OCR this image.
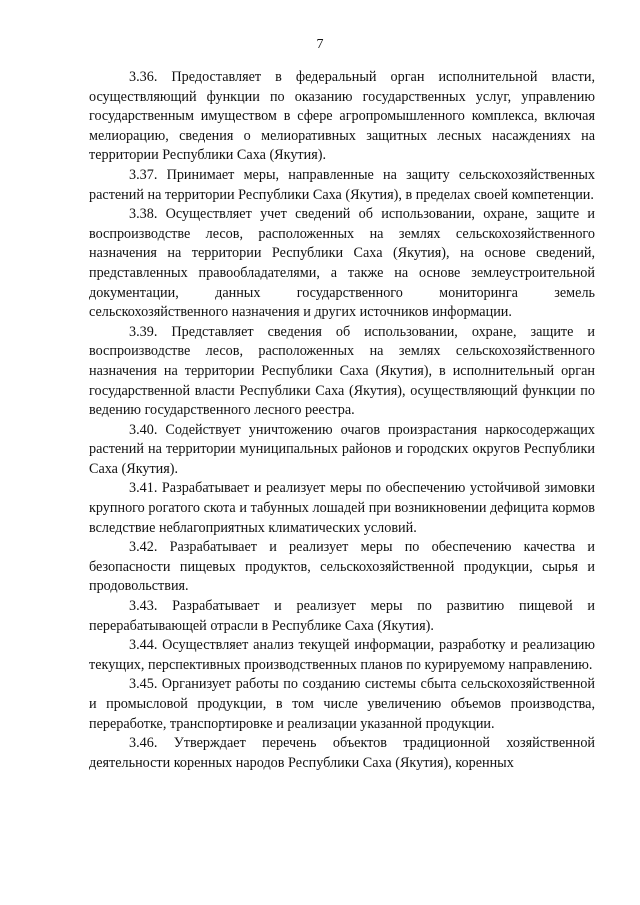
7

3.36. Предоставляет в федеральный орган исполнительной власти, осуществляющий функции по оказанию государственных услуг, управлению государственным имуществом в сфере агропромышленного комплекса, включая мелиорацию, сведения о мелиоративных защитных лесных насаждениях на территории Республики Саха (Якутия).

3.37. Принимает меры, направленные на защиту сельскохозяйственных растений на территории Республики Саха (Якутия), в пределах своей компетенции.

3.38. Осуществляет учет сведений об использовании, охране, защите и воспроизводстве лесов, расположенных на землях сельскохозяйственного назначения на территории Республики Саха (Якутия), на основе сведений, представленных правообладателями, а также на основе землеустроительной документации, данных государственного мониторинга земель сельскохозяйственного назначения и других источников информации.

3.39. Представляет сведения об использовании, охране, защите и воспроизводстве лесов, расположенных на землях сельскохозяйственного назначения на территории Республики Саха (Якутия), в исполнительный орган государственной власти Республики Саха (Якутия), осуществляющий функции по ведению государственного лесного реестра.

3.40. Содействует уничтожению очагов произрастания наркосодержащих растений на территории муниципальных районов и городских округов Республики Саха (Якутия).

3.41. Разрабатывает и реализует меры по обеспечению устойчивой зимовки крупного рогатого скота и табунных лошадей при возникновении дефицита кормов вследствие неблагоприятных климатических условий.

3.42. Разрабатывает и реализует меры по обеспечению качества и безопасности пищевых продуктов, сельскохозяйственной продукции, сырья и продовольствия.

3.43. Разрабатывает и реализует меры по развитию пищевой и перерабатывающей отрасли в Республике Саха (Якутия).

3.44. Осуществляет анализ текущей информации, разработку и реализацию текущих, перспективных производственных планов по курируемому направлению.

3.45. Организует работы по созданию системы сбыта сельскохозяйственной и промысловой продукции, в том числе увеличению объемов производства, переработке, транспортировке и реализации указанной продукции.

3.46. Утверждает перечень объектов традиционной хозяйственной деятельности коренных народов Республики Саха (Якутия), коренных
